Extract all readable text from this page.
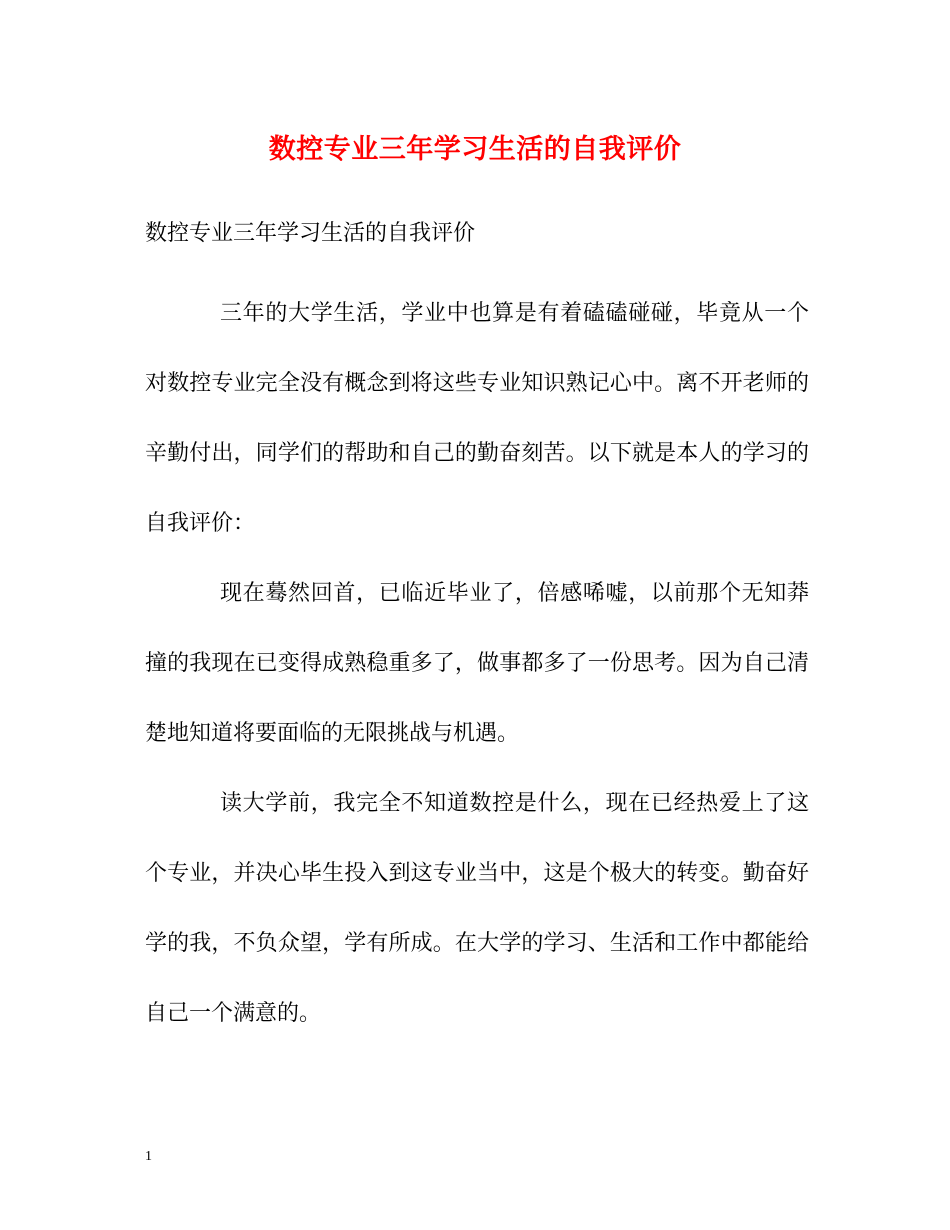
数控专业三年学习生活的自我评价
数控专业三年学习生活的自我评价

三年的大学生活，学业中也算是有着磕磕碰碰，毕竟从一个对数控专业完全没有概念到将这些专业知识熟记心中。离不开老师的辛勤付出，同学们的帮助和自己的勤奋刻苦。以下就是本人的学习的自我评价：

现在蓦然回首，已临近毕业了，倍感唏嘘，以前那个无知莽撞的我现在已变得成熟稳重多了，做事都多了一份思考。因为自己清楚地知道将要面临的无限挑战与机遇。

读大学前，我完全不知道数控是什么，现在已经热爱上了这个专业，并决心毕生投入到这专业当中，这是个极大的转变。勤奋好学的我，不负众望，学有所成。在大学的学习、生活和工作中都能给自己一个满意的。

1
